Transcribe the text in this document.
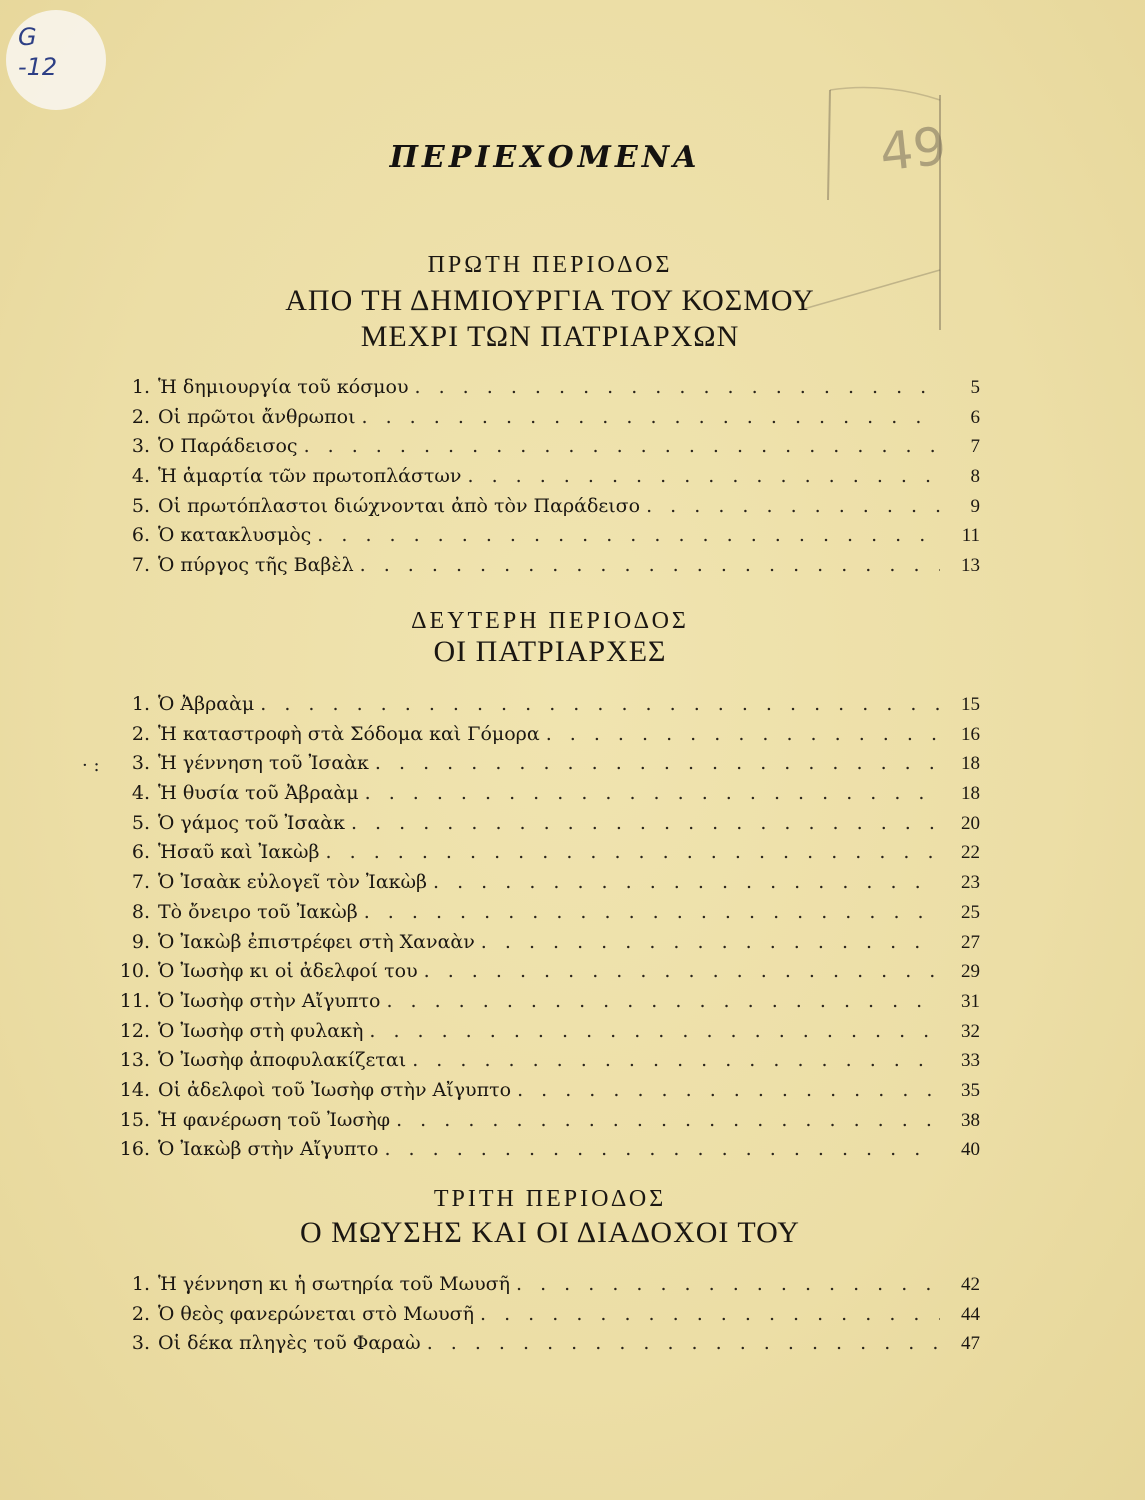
G
-12
49
ΠΕΡΙΕΧΟΜΕΝΑ
ΠΡΩΤΗ ΠΕΡΙΟΔΟΣ
ΑΠΟ ΤΗ ΔΗΜΙΟΥΡΓΙΑ ΤΟΥ ΚΟΣΜΟΥ
ΜΕΧΡΙ ΤΩΝ ΠΑΤΡΙΑΡΧΩΝ
1. Ἡ δημιουργία τοῦ κόσμου . . .	5
2. Οἱ πρῶτοι ἄνθρωποι . . .	6
3. Ὁ Παράδεισος . . .	7
4. Ἡ ἁμαρτία τῶν πρωτοπλάστων . . .	8
5. Οἱ πρωτόπλαστοι διώχνονται ἀπὸ τὸν Παράδεισο . . .	9
6. Ὁ κατακλυσμὸς . . .	11
7. Ὁ πύργος τῆς Βαβὲλ . . .	13
ΔΕΥΤΕΡΗ ΠΕΡΙΟΔΟΣ
ΟΙ ΠΑΤΡΙΑΡΧΕΣ
· :
1. Ὁ Ἀβραὰμ . . .	15
2. Ἡ καταστροφὴ στὰ Σόδομα καὶ Γόμορα . . .	16
3. Ἡ γέννηση τοῦ Ἰσαὰκ . . .	18
4. Ἡ θυσία τοῦ Ἀβραὰμ . . .	18
5. Ὁ γάμος τοῦ Ἰσαὰκ . . .	20
6. Ἡσαῦ καὶ Ἰακὼβ . . .	22
7. Ὁ Ἰσαὰκ εὐλογεῖ τὸν Ἰακὼβ . . .	23
8. Τὸ ὄνειρο τοῦ Ἰακὼβ . . .	25
9. Ὁ Ἰακὼβ ἐπιστρέφει στὴ Χαναὰν . . .	27
10. Ὁ Ἰωσὴφ κι οἱ ἀδελφοί του . . .	29
11. Ὁ Ἰωσὴφ στὴν Αἴγυπτο . . .	31
12. Ὁ Ἰωσὴφ στὴ φυλακὴ . . .	32
13. Ὁ Ἰωσὴφ ἀποφυλακίζεται . . .	33
14. Οἱ ἀδελφοὶ τοῦ Ἰωσὴφ στὴν Αἴγυπτο . . .	35
15. Ἡ φανέρωση τοῦ Ἰωσὴφ . . .	38
16. Ὁ Ἰακὼβ στὴν Αἴγυπτο . . .	40
ΤΡΙΤΗ ΠΕΡΙΟΔΟΣ
Ο ΜΩΥΣΗΣ ΚΑΙ ΟΙ ΔΙΑΔΟΧΟΙ ΤΟΥ
1. Ἡ γέννηση κι ἡ σωτηρία τοῦ Μωυσῆ . . .	42
2. Ὁ θεὸς φανερώνεται στὸ Μωυσῆ . . .	44
3. Οἱ δέκα πληγὲς τοῦ Φαραὼ . . .	47
